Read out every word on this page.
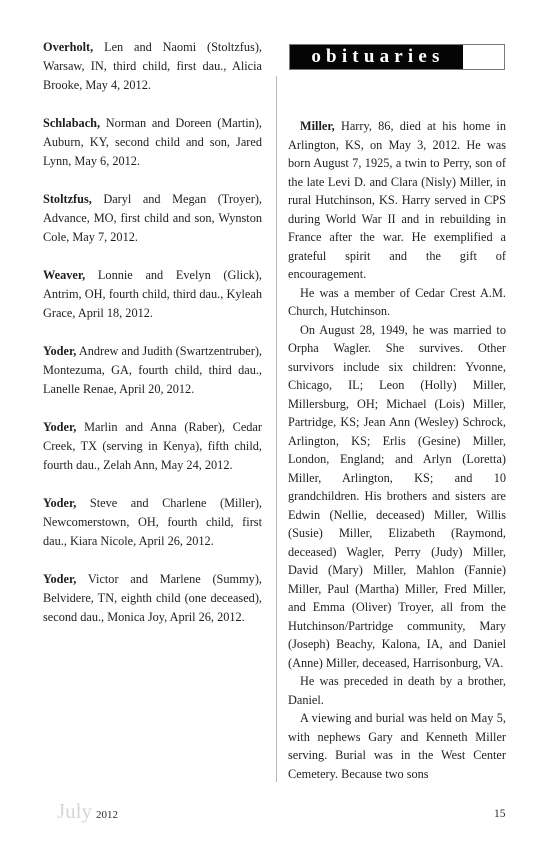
Overholt, Len and Naomi (Stoltzfus), Warsaw, IN, third child, first dau., Alicia Brooke, May 4, 2012.

Schlabach, Norman and Doreen (Martin), Auburn, KY, second child and son, Jared Lynn, May 6, 2012.

Stoltzfus, Daryl and Megan (Troyer), Advance, MO, first child and son, Wynston Cole, May 7, 2012.

Weaver, Lonnie and Evelyn (Glick), Antrim, OH, fourth child, third dau., Kyleah Grace, April 18, 2012.

Yoder, Andrew and Judith (Swartzentruber), Montezuma, GA, fourth child, third dau., Lanelle Renae, April 20, 2012.

Yoder, Marlin and Anna (Raber), Cedar Creek, TX (serving in Kenya), fifth child, fourth dau., Zelah Ann, May 24, 2012.

Yoder, Steve and Charlene (Miller), Newcomerstown, OH, fourth child, first dau., Kiara Nicole, April 26, 2012.

Yoder, Victor and Marlene (Summy), Belvidere, TN, eighth child (one deceased), second dau., Monica Joy, April 26, 2012.

obituaries

Miller, Harry, 86, died at his home in Arlington, KS, on May 3, 2012. He was born August 7, 1925, a twin to Perry, son of the late Levi D. and Clara (Nisly) Miller, in rural Hutchinson, KS. Harry served in CPS during World War II and in rebuilding in France after the war. He exemplified a grateful spirit and the gift of encouragement.

He was a member of Cedar Crest A.M. Church, Hutchinson.

On August 28, 1949, he was married to Orpha Wagler. She survives. Other survivors include six children: Yvonne, Chicago, IL; Leon (Holly) Miller, Millersburg, OH; Michael (Lois) Miller, Partridge, KS; Jean Ann (Wesley) Schrock, Arlington, KS; Erlis (Gesine) Miller, London, England; and Arlyn (Loretta) Miller, Arlington, KS; and 10 grandchildren. His brothers and sisters are Edwin (Nellie, deceased) Miller, Willis (Susie) Miller, Elizabeth (Raymond, deceased) Wagler, Perry (Judy) Miller, David (Mary) Miller, Mahlon (Fannie) Miller, Paul (Martha) Miller, Fred Miller, and Emma (Oliver) Troyer, all from the Hutchinson/Partridge community, Mary (Joseph) Beachy, Kalona, IA, and Daniel (Anne) Miller, deceased, Harrisonburg, VA.

He was preceded in death by a brother, Daniel.

A viewing and burial was held on May 5, with nephews Gary and Kenneth Miller serving. Burial was in the West Center Cemetery. Because two sons

July 2012	15
